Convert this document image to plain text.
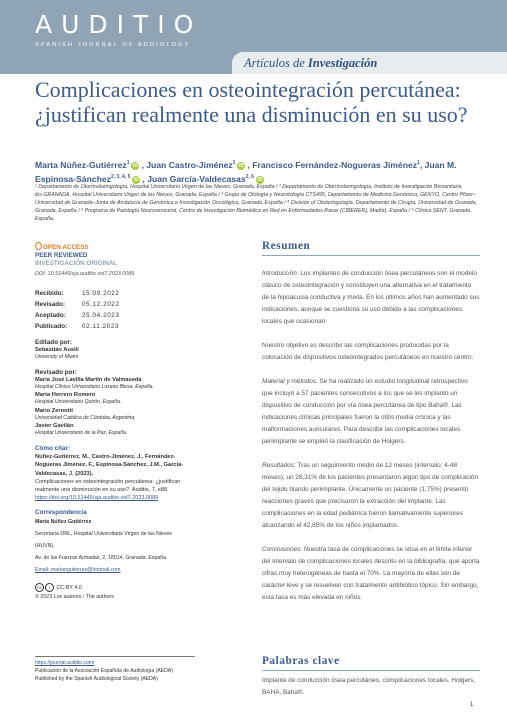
AUDITIO
SPANISH JOURNAL OF AUDIOLOGY
Artículos de Investigación
Complicaciones en osteointegración percutánea: ¿justifican realmente una disminución en su uso?
Marta Núñez-Gutiérrez$^1$ iD , Juan Castro-Jiménez$^1$ iD , Francisco Fernández-Nogueras Jiménez$^1$, Juan M. Espinosa-Sánchez$^{2, 3, 4, 5}$ iD , Juan García-Valdecasas$^{2, 6}$ iD
¹ Departamento de Otorrinolaringología, Hospital Universitario Virgen de las Nieves, Granada, España / ² Departamento de Otorrinolaringología, Instituto de Investigación Biosanitaria ibs.GRANADA, Hospital Universitario Virgen de las Nieves, Granada, España / ³ Grupo de Otología y Neurotología CTS495, Departamento de Medicina Genómica, GENYO, Centro Pfizer–Universidad de Granada–Junta de Andalucía de Genómica e Investigación Oncológica, Granada, España / ⁴ División of Otolaringología, Departamento de Cirugía, Universidad de Granada, Granada, España / ⁵ Programa de Patología Neurosensorial, Centro de Investigación Biomédica en Red en Enfermedades Raras (CIBERER), Madrid, España / ⁶ Clínica SENT, Granada, España.
OPEN ACCESS
PEER REVIEWED
INVESTIGACIÓN ORIGINAL
DOI: 10.51445/sja.auditio.vol7.2023.0089
Recibido:	15.09.2022
Revisado:	05.12.2022
Aceptado:	25.04.2023
Publicado: 02.11.2023
Editado por:
Sebastián Ausili
University of Miami
Revisado por:
María José Lavilla Martín de Valmaseda
Hospital Clínico Universitario Lozano Blesa, España.
Marta Herrero Romero
Hospital Universitario Quirón, España.
Mario Zernotti
Universidad Católica de Córdoba, Argentina.
Javier Gavilán
Hospital Universitario de la Paz, España.
Cómo citar:
Núñez-Gutiérrez, M., Castro-Jiménez, J., Fernández-Nogueras Jiménez, F., Espinosa-Sánchez, J.M., García-Valdecasas, J. (2023).
Complicaciones en osteointegración percutánea: ¿justifican realmente una disminución en su uso?. Auditio, 7, e88.
https://doi.org/10.51445/sja.auditio.vol7.2023.0089
Correspondencia
Marta Núñez Gutiérrez
Secretaría ORL, Hospital Universitario Virgen de las Nieves (HUVN),
Av. de las Fuerzas Armadas, 2, 18014, Granada. España.
Email: martangutierrez@hotmail.com
cc i CC-BY 4.0
© 2023 Los autores / The authors
https://journal.auditio.com/
Publicación de la Asociación Española de Audiología (AEDA)
Published by the Spanish Audiological Society (AEDA)
Resumen

Introducción: Los implantes de conducción ósea percutáneos son el modelo clásico de osteointegración y constituyen una alternativa en el tratamiento de la hipoacusia conductiva y mixta. En los últimos años han aumentado sus indicaciones, aunque se cuestiona su uso debido a las complicaciones locales que ocasionan.

Nuestro objetivo es describir las complicaciones producidas por la colocación de dispositivos osteointegrados percutáneos en nuestro centro.

Material y métodos: Se ha realizado un estudio longitudinal retrospectivo que incluyó a 57 pacientes consecutivos a los que se les implantó un dispositivo de conducción por vía ósea percutánea de tipo Baha®. Las indicaciones clínicas principales fueron la otitis media crónica y las malformaciones auriculares. Para describir las complicaciones locales periimplante se empleó la clasificación de Holgers.

Resultados: Tras un seguimiento medio de 12 meses (intervalo: 4-48 meses), un 26,31% de los pacientes presentaron algún tipo de complicación del tejido blando periimplante. Únicamente un paciente (1,75%) presentó reacciones graves que precisaron la extracción del implante. Las complicaciones en la edad pediátrica fueron llamativamente superiores alcanzando el 42,85% de los niños implantados.

Conclusiones: Nuestra tasa de complicaciones se sitúa en el límite inferior del intervalo de complicaciones locales descrito en la bibliografía, que aporta cifras muy heterogéneas de hasta el 70%. La mayoría de ellas son de carácter leve y se resuelven con tratamiento antibiótico tópico. Sin embargo, esta tasa es más elevada en niños.

Palabras clave
Implante de conducción ósea percutáneo, complicaciones locales, Holgers, BAHA, Baha®.
1
